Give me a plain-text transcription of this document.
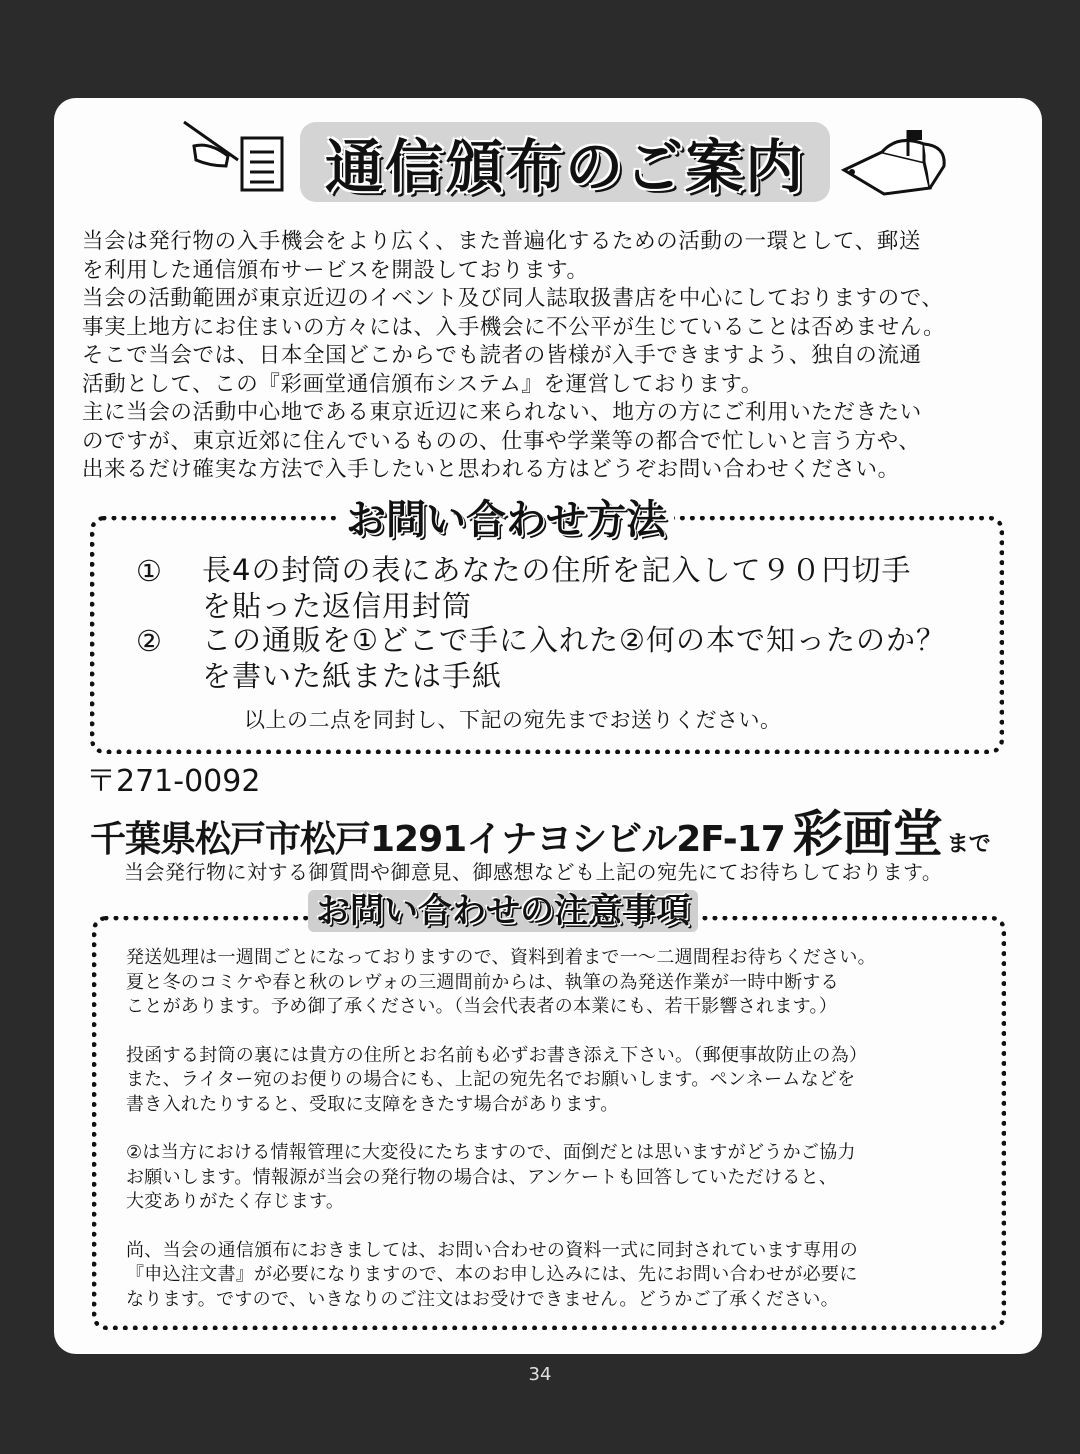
通信頒布のご案内

当会は発行物の入手機会をより広く、また普遍化するための活動の一環として、郵送

を利用した通信頒布サービスを開設しております。

当会の活動範囲が東京近辺のイベント及び同人誌取扱書店を中心にしておりますので、

事実上地方にお住まいの方々には、入手機会に不公平が生じていることは否めません。

そこで当会では、日本全国どこからでも読者の皆様が入手できますよう、独自の流通

活動として、この『彩画堂通信頒布システム』を運営しております。

主に当会の活動中心地である東京近辺に来られない、地方の方にご利用いただきたい

のですが、東京近郊に住んでいるものの、仕事や学業等の都合で忙しいと言う方や、

出来るだけ確実な方法で入手したいと思われる方はどうぞお問い合わせください。

お問い合わせ方法
① 長4の封筒の表にあなたの住所を記入して９０円切手
を貼った返信用封筒
② この通販を①どこで手に入れた②何の本で知ったのか？
を書いた紙または手紙
以上の二点を同封し、下記の宛先までお送りください。
〒271-0092
千葉県松戸市松戸1291イナヨシビル2F-17 彩画堂 まで
当会発行物に対する御質問や御意見、御感想なども上記の宛先にてお待ちしております。
お問い合わせの注意事項

発送処理は一週間ごとになっておりますので、資料到着まで一～二週間程お待ちください。

夏と冬のコミケや春と秋のレヴォの三週間前からは、執筆の為発送作業が一時中断する

ことがあります。予め御了承ください。（当会代表者の本業にも、若干影響されます。）

投函する封筒の裏には貴方の住所とお名前も必ずお書き添え下さい。（郵便事故防止の為）

また、ライター宛のお便りの場合にも、上記の宛先名でお願いします。ペンネームなどを

書き入れたりすると、受取に支障をきたす場合があります。

②は当方における情報管理に大変役にたちますので、面倒だとは思いますがどうかご協力

お願いします。情報源が当会の発行物の場合は、アンケートも回答していただけると、

大変ありがたく存じます。

尚、当会の通信頒布におきましては、お問い合わせの資料一式に同封されています専用の

『申込注文書』が必要になりますので、本のお申し込みには、先にお問い合わせが必要に

なります。ですので、いきなりのご注文はお受けできません。どうかご了承ください。

34
